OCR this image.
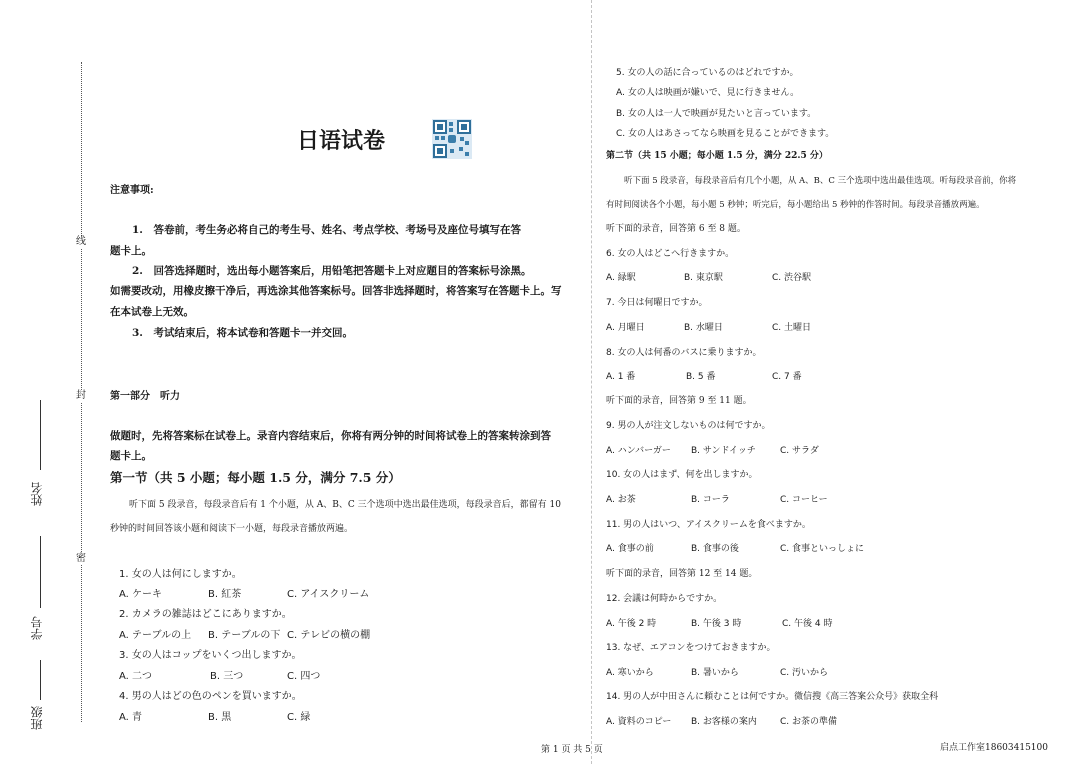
线
封
密
姓名
学号
班级
日语试卷
注意事项:
1.　答卷前，考生务必将自己的考生号、姓名、考点学校、考场号及座位号填写在答
题卡上。
2.　回答选择题时，选出每小题答案后，用铅笔把答题卡上对应题目的答案标号涂黑。
如需要改动，用橡皮擦干净后，再选涂其他答案标号。回答非选择题时，将答案写在答题卡上。写
在本试卷上无效。
3.　考试结束后，将本试卷和答题卡一并交回。
第一部分　听力
做题时，先将答案标在试卷上。录音内容结束后，你将有两分钟的时间将试卷上的答案转涂到答
题卡上。
第一节（共 5 小题；每小题 1.5 分，满分 7.5 分）
听下面 5 段录音，每段录音后有 1 个小题，从 A、B、C 三个选项中选出最佳选项，每段录音后，都留有 10
秒钟的时间回答该小题和阅读下一小题，每段录音播放两遍。
1. 女の人は何にしますか。
A. ケーキ	B. 紅茶	C. アイスクリーム
2. カメラの雑誌はどこにありますか。
A. テーブルの上 B. テーブルの下 C. テレビの横の棚
3. 女の人はコップをいくつ出しますか。
A. 二つ	B. 三つ	C. 四つ
4. 男の人はどの色のペンを買いますか。
A. 青	B. 黒	C. 緑
5. 女の人の話に合っているのはどれですか。
A. 女の人は映画が嫌いで、見に行きません。
B. 女の人は一人で映画が見たいと言っています。
C. 女の人はあさってなら映画を見ることができます。
第二节（共 15 小题；每小题 1.5 分，满分 22.5 分）
听下面 5 段录音，每段录音后有几个小题，从 A、B、C 三个选项中选出最佳选项。听每段录音前，你将
有时间阅读各个小题，每小题 5 秒钟；听完后，每小题给出 5 秒钟的作答时间。每段录音播放两遍。
听下面的录音，回答第 6 至 8 题。
6. 女の人はどこへ行きますか。
A. 緑駅	B. 東京駅	C. 渋谷駅
7. 今日は何曜日ですか。
A. 月曜日	B. 水曜日	C. 土曜日
8. 女の人は何番のバスに乗りますか。
A. 1 番	B. 5 番	C. 7 番
听下面的录音，回答第 9 至 11 题。
9. 男の人が注文しないものは何ですか。
A. ハンバーガー B. サンドイッチ	C. サラダ
10. 女の人はまず、何を出しますか。
A. お茶	B. コーラ	C. コーヒー
11. 男の人はいつ、アイスクリームを食べますか。
A. 食事の前	B. 食事の後	C. 食事といっしょに
听下面的录音，回答第 12 至 14 题。
12. 会議は何時からですか。
A. 午後 2 時	B. 午後 3 時	C. 午後 4 時
13. なぜ、エアコンをつけておきますか。
A. 寒いから	B. 暑いから	C. 汚いから
14. 男の人が中田さんに頼むことは何ですか。微信搜《高三答案公众号》获取全科
A. 資料のコピー B. お客様の案内	C. お茶の準備
第 1 页 共 5 页	启点工作室18603415100
